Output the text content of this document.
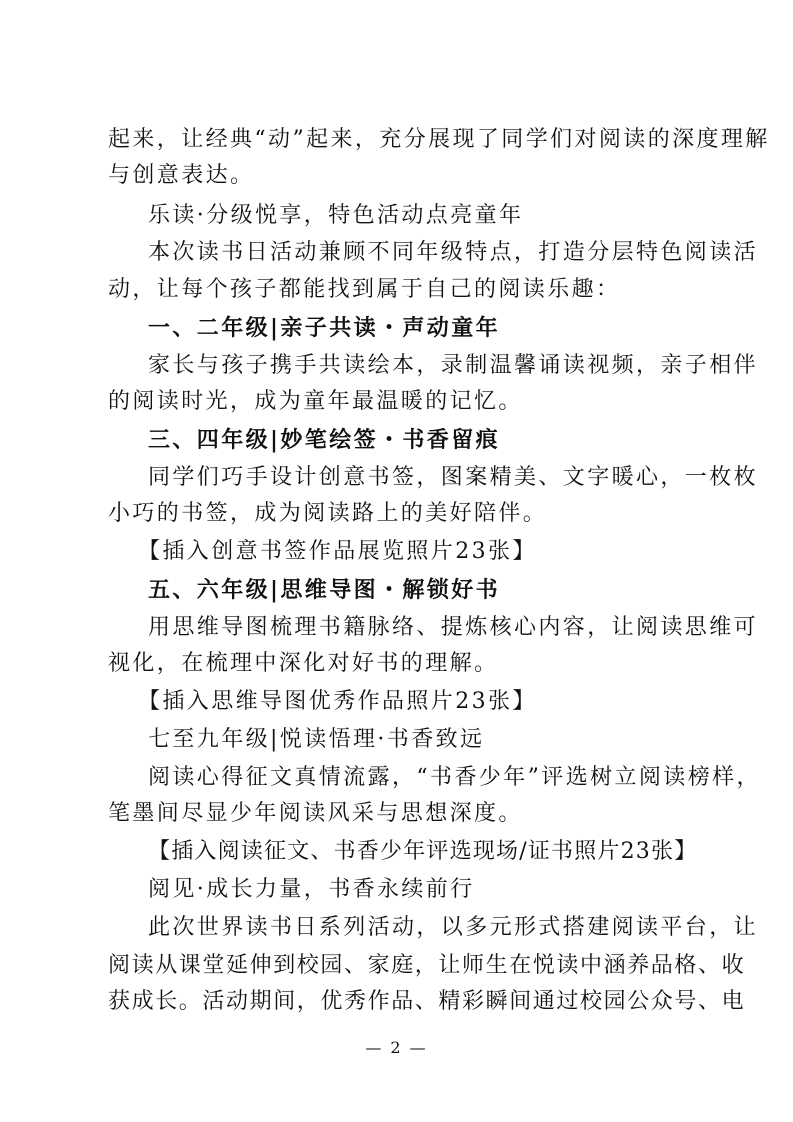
起来，让经典“动”起来，充分展现了同学们对阅读的深度理解
与创意表达。
乐读·分级悦享，特色活动点亮童年
本次读书日活动兼顾不同年级特点，打造分层特色阅读活
动，让每个孩子都能找到属于自己的阅读乐趣：
一、二年级|亲子共读・声动童年
家长与孩子携手共读绘本，录制温馨诵读视频，亲子相伴
的阅读时光，成为童年最温暖的记忆。
三、四年级|妙笔绘签・书香留痕
同学们巧手设计创意书签，图案精美、文字暖心，一枚枚
小巧的书签，成为阅读路上的美好陪伴。
【插入创意书签作品展览照片23张】
五、六年级|思维导图・解锁好书
用思维导图梳理书籍脉络、提炼核心内容，让阅读思维可
视化，在梳理中深化对好书的理解。
【插入思维导图优秀作品照片23张】
七至九年级|悦读悟理·书香致远
阅读心得征文真情流露，“书香少年”评选树立阅读榜样，
笔墨间尽显少年阅读风采与思想深度。
【插入阅读征文、书香少年评选现场/证书照片23张】
阅见·成长力量，书香永续前行
此次世界读书日系列活动，以多元形式搭建阅读平台，让
阅读从课堂延伸到校园、家庭，让师生在悦读中涵养品格、收
获成长。活动期间，优秀作品、精彩瞬间通过校园公众号、电
— 2 —
